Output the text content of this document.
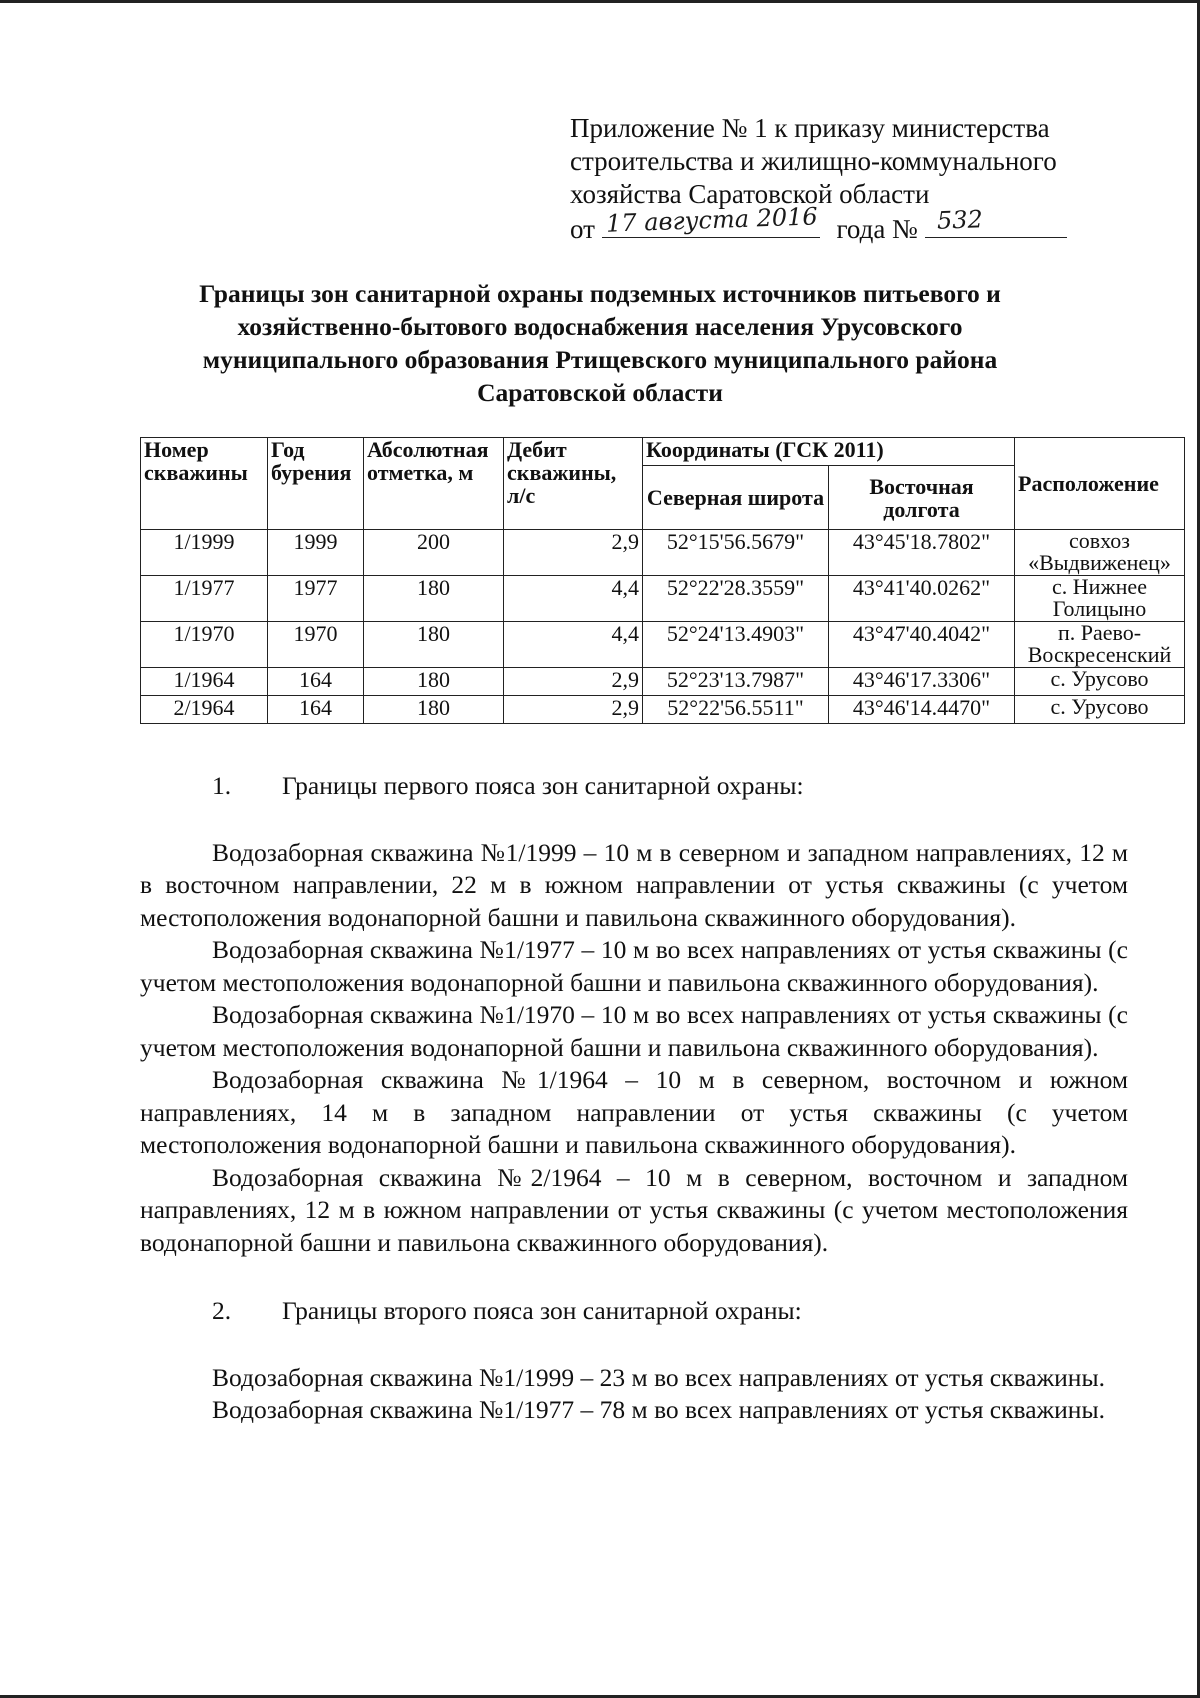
Приложение № 1 к приказу министерства
строительства и жилищно-коммунального
хозяйства Саратовской области
от 17 августа 2016 года № 532
Границы зон санитарной охраны подземных источников питьевого и хозяйственно-бытового водоснабжения населения Урусовского муниципального образования Ртищевского муниципального района Саратовской области
Номер скважины	Год бурения	Абсолютная отметка, м	Дебит скважины, л/с	Координаты (ГСК 2011)		Расположение
				Северная широта	Восточная долгота	
1/1999	1999	200	2,9	52°15'56.5679"	43°45'18.7802"	совхоз
«Выдвиженец»

1/1977	1977	180	4,4	52°22'28.3559"	43°41'40.0262"	с. Нижнее
Голицыно

1/1970	1970	180	4,4	52°24'13.4903"	43°47'40.4042"	п. Раево-
Воскресенский

1/1964	164	180	2,9	52°23'13.7987"	43°46'17.3306"	с. Урусово

2/1964	164	180	2,9	52°22'56.5511"	43°46'14.4470"	с. Урусово
1. Границы первого пояса зон санитарной охраны:

Водозаборная скважина №1/1999 – 10 м в северном и западном направлениях, 12 м в восточном направлении, 22 м в южном направлении от устья скважины (с учетом местоположения водонапорной башни и павильона скважинного оборудования).

Водозаборная скважина №1/1977 – 10 м во всех направлениях от устья скважины (с учетом местоположения водонапорной башни и павильона скважинного оборудования).

Водозаборная скважина №1/1970 – 10 м во всех направлениях от устья скважины (с учетом местоположения водонапорной башни и павильона скважинного оборудования).

Водозаборная скважина №1/1964 – 10 м в северном, восточном и южном направлениях, 14 м в западном направлении от устья скважины (с учетом местоположения водонапорной башни и павильона скважинного оборудования).

Водозаборная скважина №2/1964 – 10 м в северном, восточном и западном направлениях, 12 м в южном направлении от устья скважины (с учетом местоположения водонапорной башни и павильона скважинного оборудования).

2. Границы второго пояса зон санитарной охраны:

Водозаборная скважина №1/1999 – 23 м во всех направлениях от устья скважины.

Водозаборная скважина №1/1977 – 78 м во всех направлениях от устья скважины.
